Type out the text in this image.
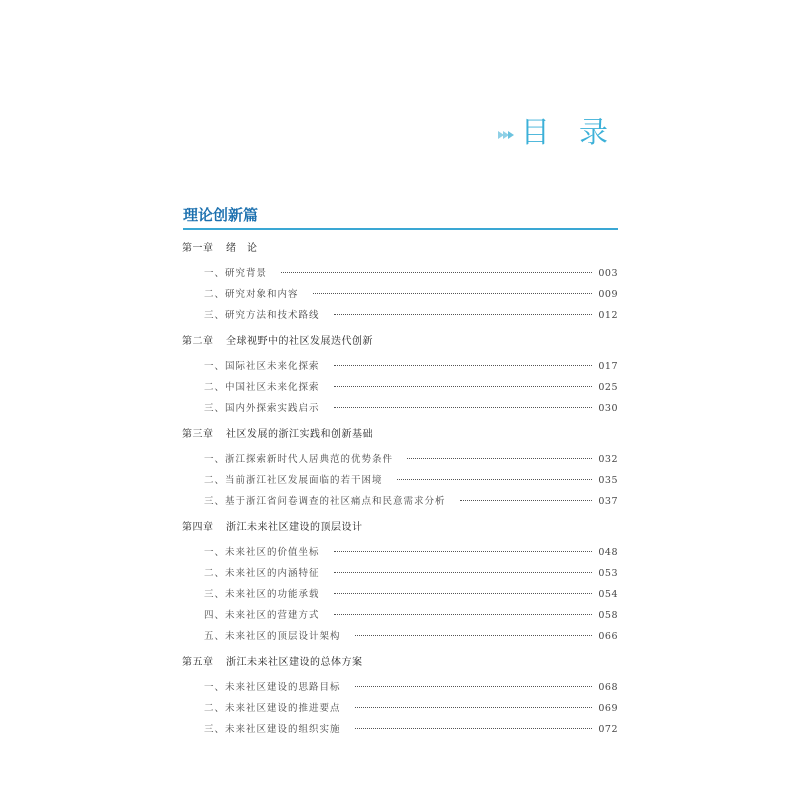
目 录
理论创新篇
第一章 绪　论
一、研究背景	003
二、研究对象和内容	009
三、研究方法和技术路线	012
第二章 全球视野中的社区发展迭代创新
一、国际社区未来化探索	017
二、中国社区未来化探索	025
三、国内外探索实践启示	030
第三章 社区发展的浙江实践和创新基础
一、浙江探索新时代人居典范的优势条件	032
二、当前浙江社区发展面临的若干困境	035
三、基于浙江省问卷调查的社区痛点和民意需求分析	037
第四章 浙江未来社区建设的顶层设计
一、未来社区的价值坐标	048
二、未来社区的内涵特征	053
三、未来社区的功能承载	054
四、未来社区的营建方式	058
五、未来社区的顶层设计架构	066
第五章 浙江未来社区建设的总体方案
一、未来社区建设的思路目标	068
二、未来社区建设的推进要点	069
三、未来社区建设的组织实施	072
